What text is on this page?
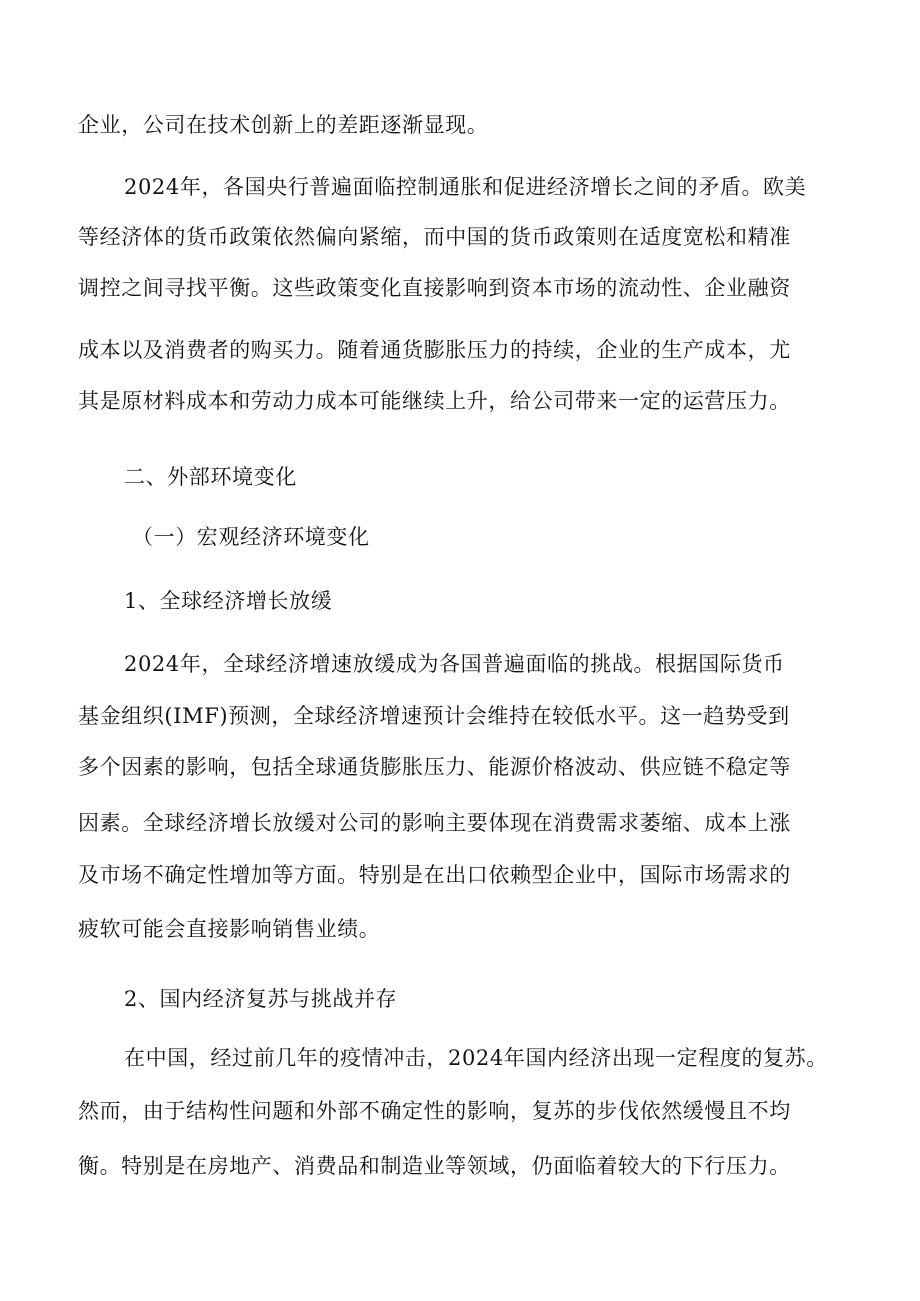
企业，公司在技术创新上的差距逐渐显现。
2024年，各国央行普遍面临控制通胀和促进经济增长之间的矛盾。欧美
等经济体的货币政策依然偏向紧缩，而中国的货币政策则在适度宽松和精准
调控之间寻找平衡。这些政策变化直接影响到资本市场的流动性、企业融资
成本以及消费者的购买力。随着通货膨胀压力的持续，企业的生产成本，尤
其是原材料成本和劳动力成本可能继续上升，给公司带来一定的运营压力。
二、外部环境变化
（一）宏观经济环境变化
1、全球经济增长放缓
2024年，全球经济增速放缓成为各国普遍面临的挑战。根据国际货币
基金组织(IMF)预测，全球经济增速预计会维持在较低水平。这一趋势受到
多个因素的影响，包括全球通货膨胀压力、能源价格波动、供应链不稳定等
因素。全球经济增长放缓对公司的影响主要体现在消费需求萎缩、成本上涨
及市场不确定性增加等方面。特别是在出口依赖型企业中，国际市场需求的
疲软可能会直接影响销售业绩。
2、国内经济复苏与挑战并存
在中国，经过前几年的疫情冲击，2024年国内经济出现一定程度的复苏。
然而，由于结构性问题和外部不确定性的影响，复苏的步伐依然缓慢且不均
衡。特别是在房地产、消费品和制造业等领域，仍面临着较大的下行压力。
